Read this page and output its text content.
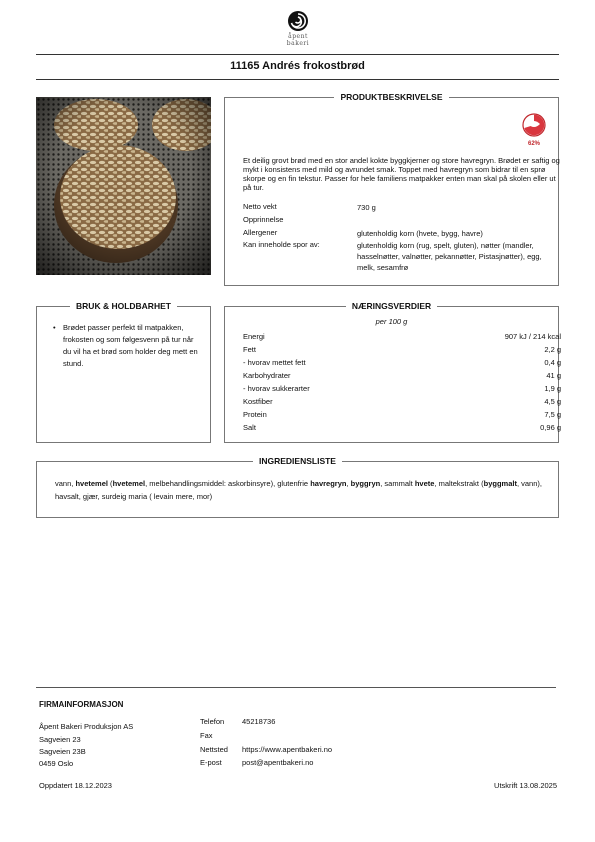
åpent bakeri
11165 Andrés frokostbrød
PRODUKTBESKRIVELSE
62%
Et deilig grovt brød med en stor andel kokte byggkjerner og store havregryn. Brødet er saftig og mykt i konsistens med mild og avrundet smak. Toppet med havregryn som bidrar til en sprø skorpe og en fin tekstur. Passer for hele familiens matpakker enten man skal på skolen eller ut på tur.
Netto vekt	730 g
Opprinnelse
Allergener	glutenholdig korn (hvete, bygg, havre)
Kan inneholde spor av:	glutenholdig korn (rug, spelt, gluten), nøtter (mandler, hasselnøtter, valnøtter, pekannøtter, Pistasjnøtter), egg, melk, sesamfrø
BRUK & HOLDBARHET
• Brødet passer perfekt til matpakken, frokosten og som følgesvenn på tur når du vil ha et brød som holder deg mett en stund.
NÆRINGSVERDIER
per 100 g
Energi	907 kJ / 214 kcal
Fett	2,2 g
- hvorav mettet fett	0,4 g
Karbohydrater	41 g
- hvorav sukkerarter	1,9 g
Kostfiber	4,5 g
Protein	7,5 g
Salt	0,96 g
INGREDIENSLISTE
vann, hvetemel (hvetemel, melbehandlingsmiddel: askorbinsyre), glutenfrie havregryn, byggryn, sammalt hvete, maltekstrakt (byggmalt, vann), havsalt, gjær, surdeig maria ( levain mere, mor)
FIRMAINFORMASJON
Åpent Bakeri Produksjon AS
Sagveien 23
Sagveien 23B
0459 Oslo
Telefon 45218736
Fax
Nettsted https://www.apentbakeri.no
E-post	post@apentbakeri.no
Oppdatert 18.12.2023	Utskrift 13.08.2025
